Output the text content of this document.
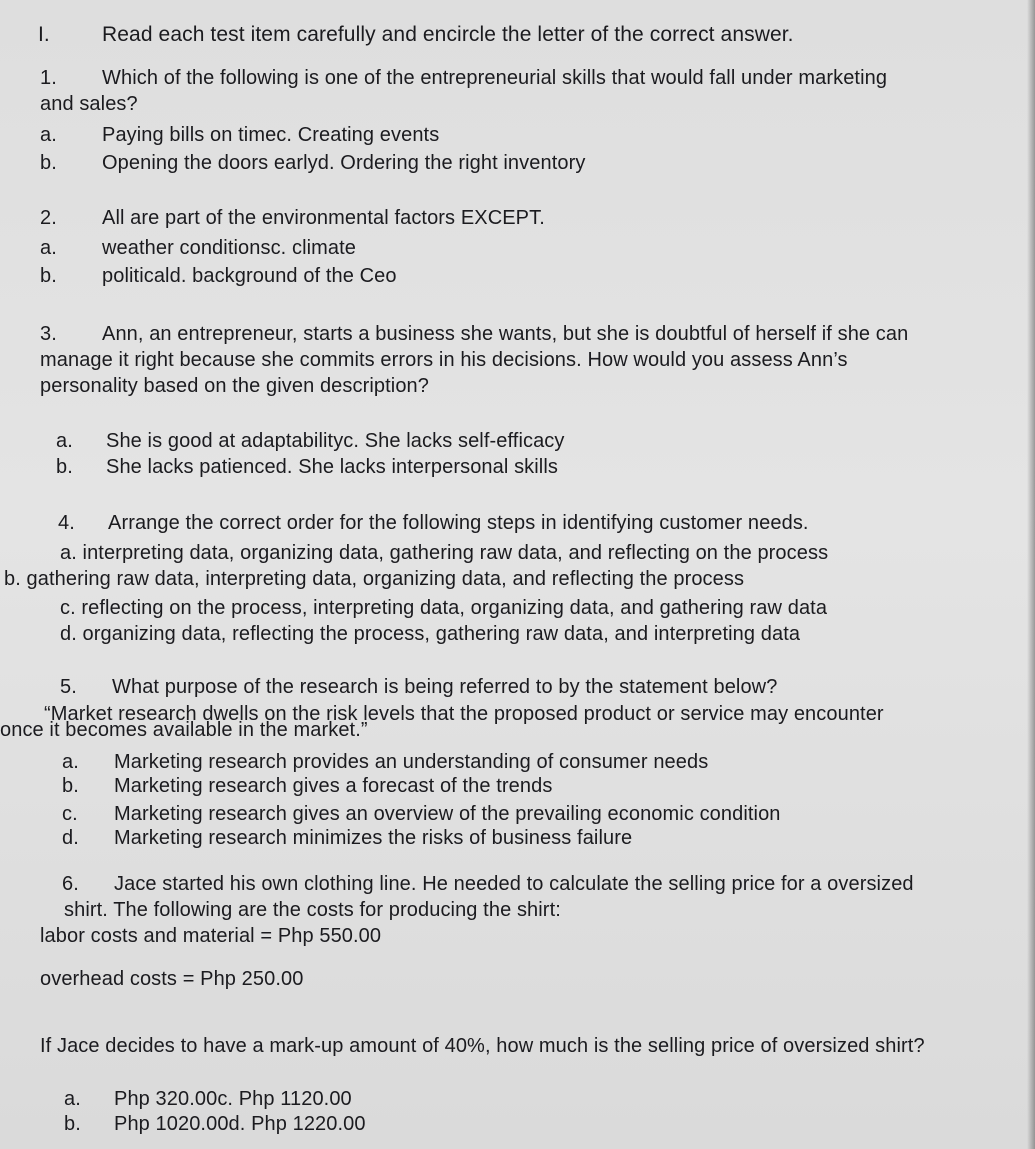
I. Read each test item carefully and encircle the letter of the correct answer.
1. Which of the following is one of the entrepreneurial skills that would fall under marketing
and sales?
a. Paying bills on timec. Creating events
b. Opening the doors earlyd. Ordering the right inventory
2. All are part of the environmental factors EXCEPT.
a. weather conditionsc. climate
b. politicald. background of the Ceo
3. Ann, an entrepreneur, starts a business she wants, but she is doubtful of herself if she can
manage it right because she commits errors in his decisions. How would you assess Ann’s
personality based on the given description?
a. She is good at adaptabilityc. She lacks self-efficacy
b. She lacks patienced. She lacks interpersonal skills
4. Arrange the correct order for the following steps in identifying customer needs.
a. interpreting data, organizing data, gathering raw data, and reflecting on the process
b. gathering raw data, interpreting data, organizing data, and reflecting the process
c. reflecting on the process, interpreting data, organizing data, and gathering raw data
d. organizing data, reflecting the process, gathering raw data, and interpreting data
5. What purpose of the research is being referred to by the statement below?
“Market research dwells on the risk levels that the proposed product or service may encounter
once it becomes available in the market.”
a. Marketing research provides an understanding of consumer needs
b. Marketing research gives a forecast of the trends
c. Marketing research gives an overview of the prevailing economic condition
d. Marketing research minimizes the risks of business failure
6. Jace started his own clothing line. He needed to calculate the selling price for a oversized
shirt. The following are the costs for producing the shirt:
labor costs and material = Php 550.00
overhead costs = Php 250.00
If Jace decides to have a mark-up amount of 40%, how much is the selling price of oversized shirt?
a. Php 320.00c. Php 1120.00
b. Php 1020.00d. Php 1220.00
